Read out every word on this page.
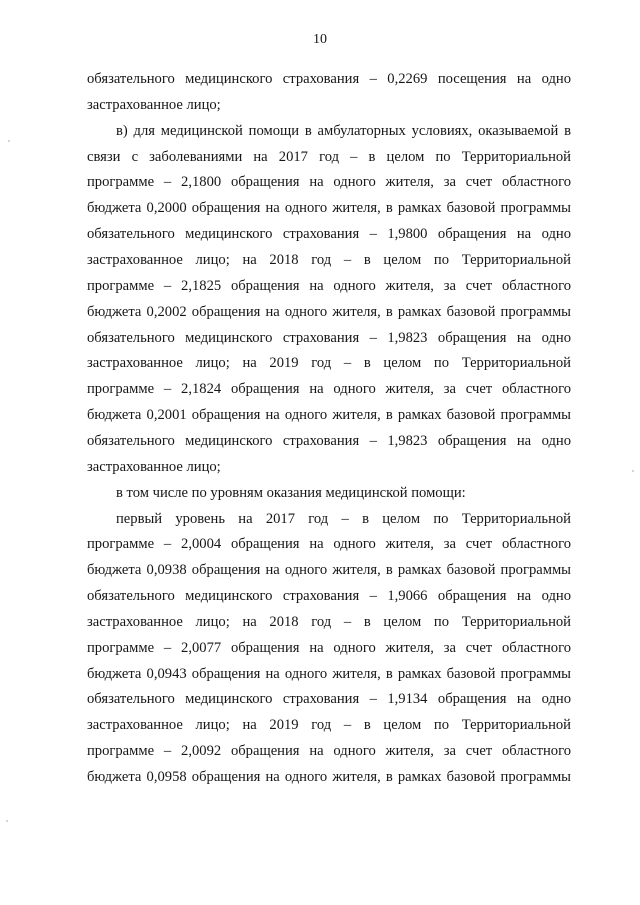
10
обязательного медицинского страхования – 0,2269 посещения на одно
застрахованное лицо;
в) для медицинской помощи в амбулаторных условиях, оказываемой в
связи с заболеваниями на 2017 год – в целом по Территориальной
программе – 2,1800 обращения на одного жителя, за счет областного
бюджета 0,2000 обращения на одного жителя, в рамках базовой программы
обязательного медицинского страхования – 1,9800 обращения на одно
застрахованное лицо; на 2018 год – в целом по Территориальной
программе – 2,1825 обращения на одного жителя, за счет областного
бюджета 0,2002 обращения на одного жителя, в рамках базовой программы
обязательного медицинского страхования – 1,9823 обращения на одно
застрахованное лицо; на 2019 год – в целом по Территориальной
программе – 2,1824 обращения на одного жителя, за счет областного
бюджета 0,2001 обращения на одного жителя, в рамках базовой программы
обязательного медицинского страхования – 1,9823 обращения на одно
застрахованное лицо;
в том числе по уровням оказания медицинской помощи:
первый уровень на 2017 год – в целом по Территориальной
программе – 2,0004 обращения на одного жителя, за счет областного
бюджета 0,0938 обращения на одного жителя, в рамках базовой программы
обязательного медицинского страхования – 1,9066 обращения на одно
застрахованное лицо; на 2018 год – в целом по Территориальной
программе – 2,0077 обращения на одного жителя, за счет областного
бюджета 0,0943 обращения на одного жителя, в рамках базовой программы
обязательного медицинского страхования – 1,9134 обращения на одно
застрахованное лицо; на 2019 год – в целом по Территориальной
программе – 2,0092 обращения на одного жителя, за счет областного
бюджета 0,0958 обращения на одного жителя, в рамках базовой программы
